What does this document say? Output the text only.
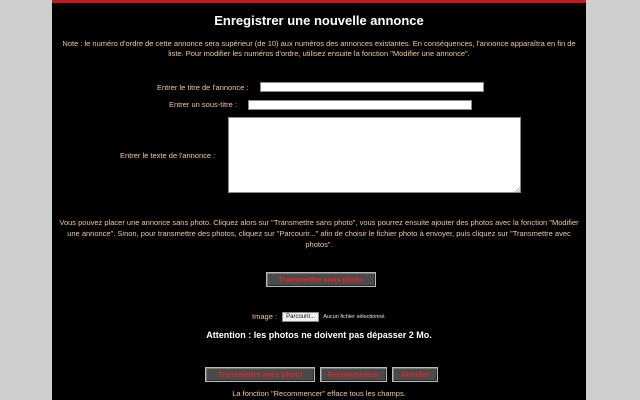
Enregistrer une nouvelle annonce
Note : le numéro d'ordre de cette annonce sera supérieur (de 10) aux numéros des annonces existantes. En conséquences, l'annonce apparaîtra en fin de liste. Pour modifier les numéros d'ordre, utilisez ensuite la fonction "Modifier une annonce".
Entrer le titre de l'annonce :
Entrer un sous-titre :
Entrer le texte de l'annonce :
Vous pouvez placer une annonce sans photo. Cliquez alors sur "Transmettre sans photo", vous pourrez ensuite ajouter des photos avec la fonction "Modifier une annonce". Sinon, pour transmettre des photos, cliquez sur "Parcourir..." afin de choisir le fichier photo à envoyer, puis cliquez sur "Transmettre avec photos".
Transmettre sans photo
Image : Parcourir... Aucun fichier sélectionné.
Attention : les photos ne doivent pas dépasser 2 Mo.
Transmettre avec photo	Recommencer	Annuler
La fonction "Recommencer" efface tous les champs.
